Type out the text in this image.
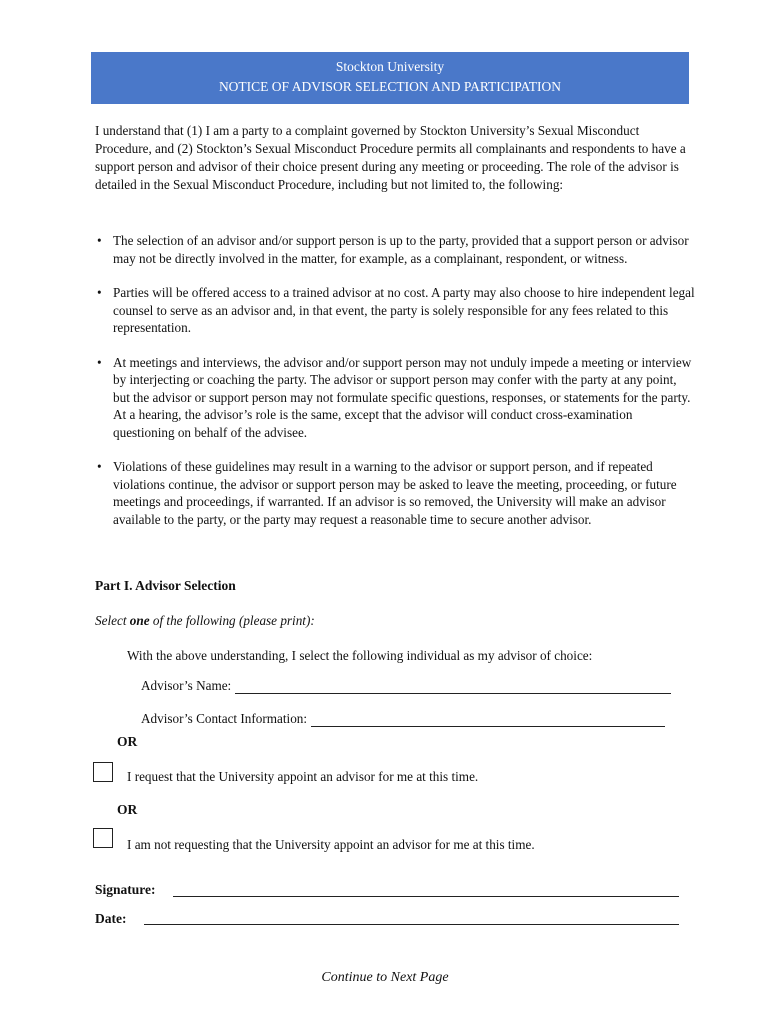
Stockton University
NOTICE OF ADVISOR SELECTION AND PARTICIPATION

I understand that (1) I am a party to a complaint governed by Stockton University’s Sexual Misconduct Procedure, and (2) Stockton’s Sexual Misconduct Procedure permits all complainants and respondents to have a support person and advisor of their choice present during any meeting or proceeding. The role of the advisor is detailed in the Sexual Misconduct Procedure, including but not limited to, the following:

• The selection of an advisor and/or support person is up to the party, provided that a support person or advisor may not be directly involved in the matter, for example, as a complainant, respondent, or witness.
• Parties will be offered access to a trained advisor at no cost. A party may also choose to hire independent legal counsel to serve as an advisor and, in that event, the party is solely responsible for any fees related to this representation.
• At meetings and interviews, the advisor and/or support person may not unduly impede a meeting or interview by interjecting or coaching the party. The advisor or support person may confer with the party at any point, but the advisor or support person may not formulate specific questions, responses, or statements for the party. At a hearing, the advisor’s role is the same, except that the advisor will conduct cross-examination questioning on behalf of the advisee.
• Violations of these guidelines may result in a warning to the advisor or support person, and if repeated violations continue, the advisor or support person may be asked to leave the meeting, proceeding, or future meetings and proceedings, if warranted. If an advisor is so removed, the University will make an advisor available to the party, or the party may request a reasonable time to secure another advisor.
Part I. Advisor Selection
Select one of the following (please print):
With the above understanding, I select the following individual as my advisor of choice:
Advisor’s Name:
Advisor’s Contact Information:
OR
I request that the University appoint an advisor for me at this time.
OR
I am not requesting that the University appoint an advisor for me at this time.
Signature:
Date:
Continue to Next Page
